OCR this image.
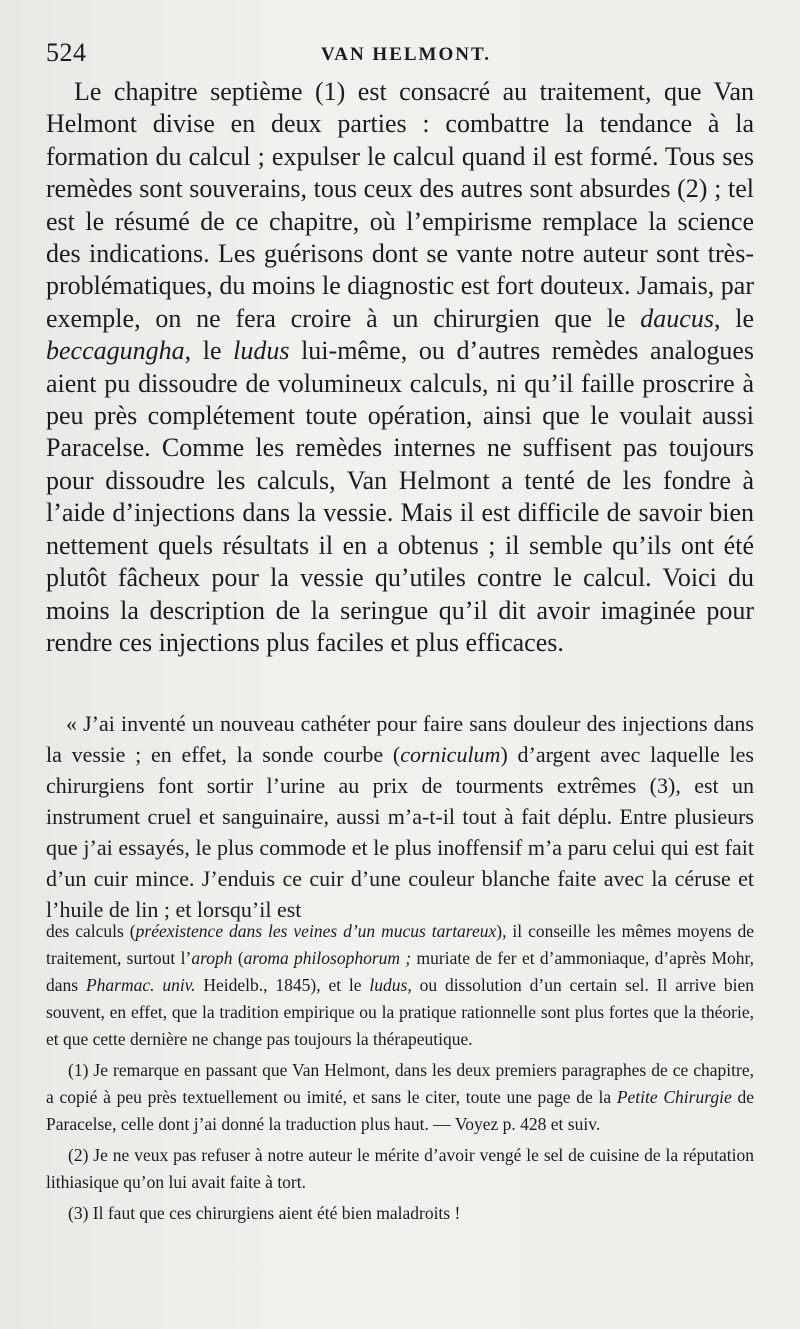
524	VAN HELMONT.

Le chapitre septième (1) est consacré au traitement, que Van Helmont divise en deux parties : combattre la tendance à la formation du calcul ; expulser le calcul quand il est formé. Tous ses remèdes sont souverains, tous ceux des autres sont absurdes (2) ; tel est le résumé de ce chapitre, où l’empirisme remplace la science des indications. Les guérisons dont se vante notre auteur sont très-problématiques, du moins le diagnostic est fort douteux. Jamais, par exemple, on ne fera croire à un chirurgien que le daucus, le beccagungha, le ludus lui-même, ou d’autres remèdes analogues aient pu dissoudre de volumineux calculs, ni qu’il faille proscrire à peu près complétement toute opération, ainsi que le voulait aussi Paracelse. Comme les remèdes internes ne suffisent pas toujours pour dissoudre les calculs, Van Helmont a tenté de les fondre à l’aide d’injections dans la vessie. Mais il est difficile de savoir bien nettement quels résultats il en a obtenus ; il semble qu’ils ont été plutôt fâcheux pour la vessie qu’utiles contre le calcul. Voici du moins la description de la seringue qu’il dit avoir imaginée pour rendre ces injections plus faciles et plus efficaces.

« J’ai inventé un nouveau cathéter pour faire sans douleur des injections dans la vessie ; en effet, la sonde courbe (corniculum) d’argent avec laquelle les chirurgiens font sortir l’urine au prix de tourments extrêmes (3), est un instrument cruel et sanguinaire, aussi m’a-t-il tout à fait déplu. Entre plusieurs que j’ai essayés, le plus commode et le plus inoffensif m’a paru celui qui est fait d’un cuir mince. J’enduis ce cuir d’une couleur blanche faite avec la céruse et l’huile de lin ; et lorsqu’il est

des calculs (préexistence dans les veines d’un mucus tartareux), il conseille les mêmes moyens de traitement, surtout l’aroph (aroma philosophorum ; muriate de fer et d’ammoniaque, d’après Mohr, dans Pharmac. univ. Heidelb., 1845), et le ludus, ou dissolution d’un certain sel. Il arrive bien souvent, en effet, que la tradition empirique ou la pratique rationnelle sont plus fortes que la théorie, et que cette dernière ne change pas toujours la thérapeutique.

(1) Je remarque en passant que Van Helmont, dans les deux premiers paragraphes de ce chapitre, a copié à peu près textuellement ou imité, et sans le citer, toute une page de la Petite Chirurgie de Paracelse, celle dont j’ai donné la traduction plus haut. — Voyez p. 428 et suiv.

(2) Je ne veux pas refuser à notre auteur le mérite d’avoir vengé le sel de cuisine de la réputation lithiasique qu’on lui avait faite à tort.

(3) Il faut que ces chirurgiens aient été bien maladroits !
